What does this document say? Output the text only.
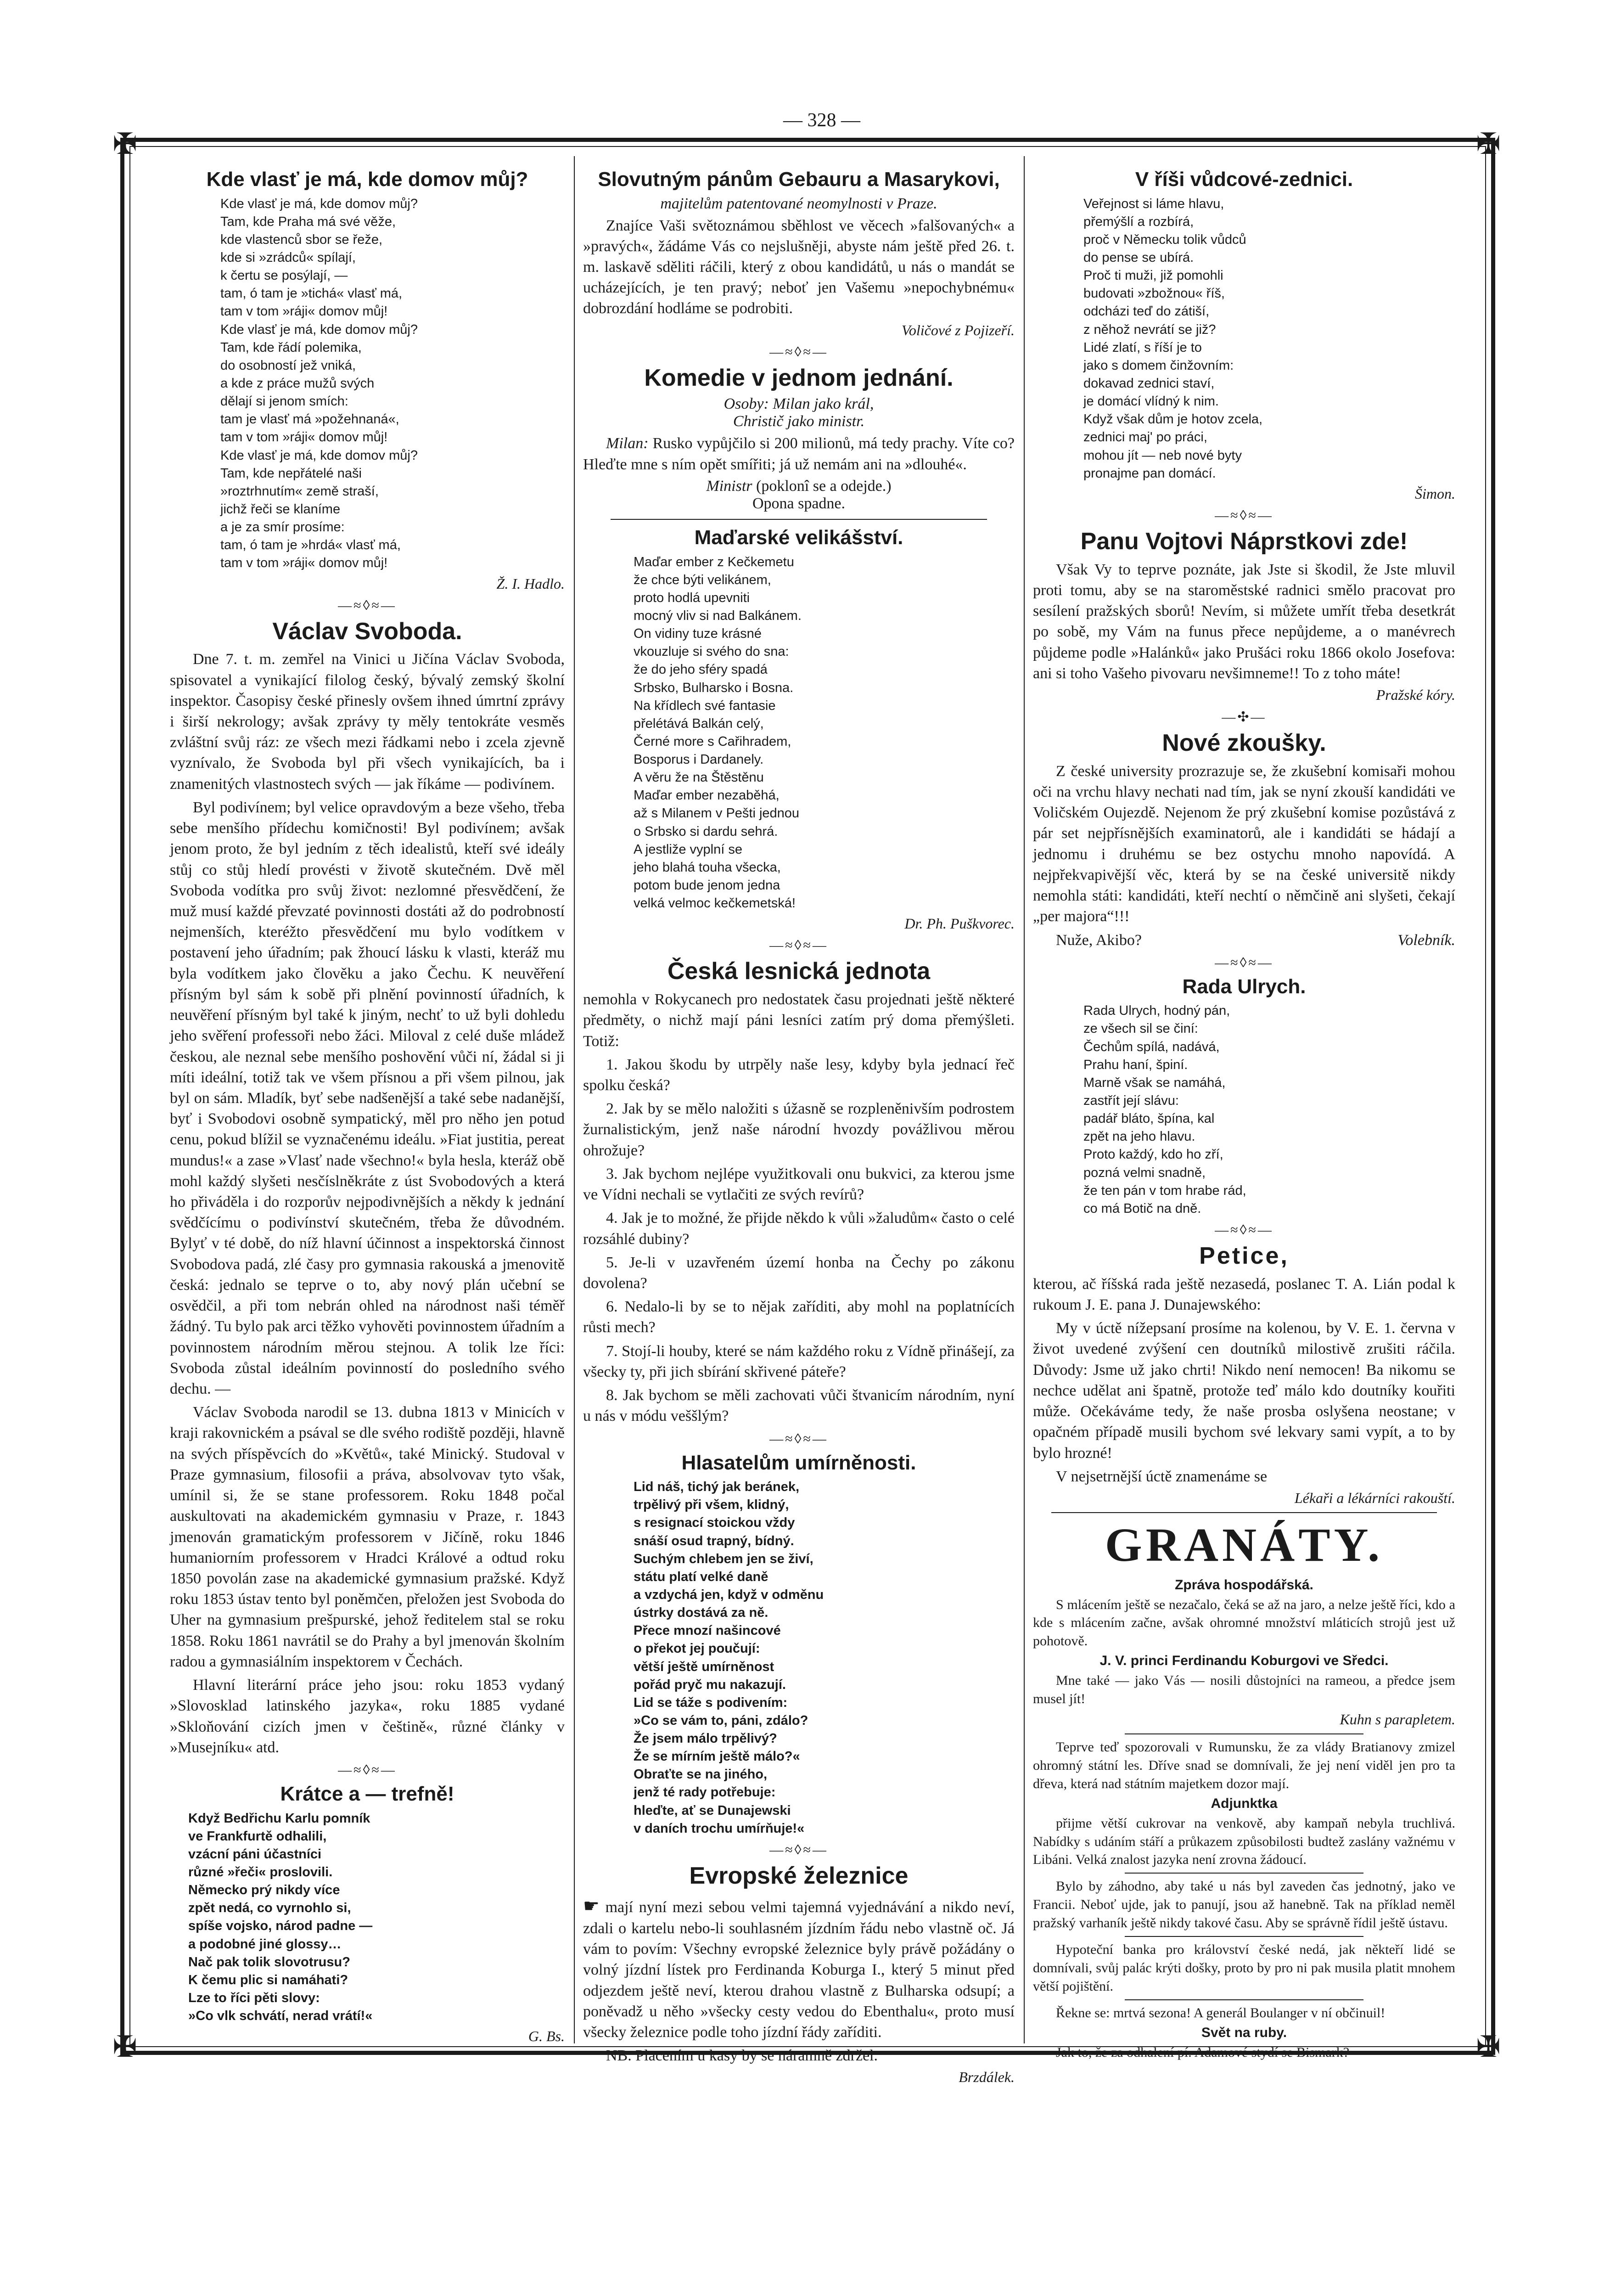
— 328 —
✠	✠
✠	✠
Kde vlasť je má, kde domov můj?
Kde vlasť je má, kde domov můj?
Tam, kde Praha má své věže,
kde vlastenců sbor se řeže,
kde si »zrádců« spílají,
k čertu se posýlají, —
tam, ó tam je »tichá« vlasť má,
tam v tom »ráji« domov můj!
Kde vlasť je má, kde domov můj?
Tam, kde řádí polemika,
do osobností jež vniká,
a kde z práce mužů svých
dělají si jenom smích:
tam je vlasť má »požehnaná«,
tam v tom »ráji« domov můj!
Kde vlasť je má, kde domov můj?
Tam, kde nepřátelé naši
»roztrhnutím« země straší,
jichž řeči se klaníme
a je za smír prosíme:
tam, ó tam je »hrdá« vlasť má,
tam v tom »ráji« domov můj!
Ž. I. Hadlo.
—≈◊≈—
Václav Svoboda.

Dne 7. t. m. zemřel na Vinici u Jičína Václav Svoboda, spisovatel a vynikající filolog český, bývalý zemský školní inspektor. Časopisy české přinesly ovšem ihned úmrtní zprávy i širší nekrology; avšak zprávy ty měly tentokráte vesměs zvláštní svůj ráz: ze všech mezi řádkami nebo i zcela zjevně vyznívalo, že Svoboda byl při všech vynikajících, ba i znamenitých vlastnostech svých — jak říkáme — podivínem.

Byl podivínem; byl velice opravdovým a beze všeho, třeba sebe menšího přídechu komičnosti! Byl podivínem; avšak jenom proto, že byl jedním z těch idealistů, kteří své ideály stůj co stůj hledí provésti v životě skutečném. Dvě měl Svoboda vodítka pro svůj život: nezlomné přesvědčení, že muž musí každé převzaté povinnosti dostáti až do podrobností nejmenších, kteréžto přesvědčení mu bylo vodítkem v postavení jeho úřadním; pak žhoucí lásku k vlasti, kteráž mu byla vodítkem jako člověku a jako Čechu. K neuvěření přísným byl sám k sobě při plnění povinností úřadních, k neuvěření přísným byl také k jiným, nechť to už byli dohledu jeho svěření professoři nebo žáci. Miloval z celé duše mládež českou, ale neznal sebe menšího poshovění vůči ní, žádal si ji míti ideální, totiž tak ve všem přísnou a při všem pilnou, jak byl on sám. Mladík, byť sebe nadšenější a také sebe nadanější, byť i Svobodovi osobně sympatický, měl pro něho jen potud cenu, pokud blížil se vyznačenému ideálu. »Fiat justitia, pereat mundus!« a zase »Vlasť nade všechno!« byla hesla, kteráž obě mohl každý slyšeti nesčíslněkráte z úst Svobodových a která ho přiváděla i do rozporův nejpodivnějších a někdy k jednání svědčícímu o podivínství skutečném, třeba že důvodném. Bylyť v té době, do níž hlavní účinnost a inspektorská činnost Svobodova padá, zlé časy pro gymnasia rakouská a jmenovitě česká: jednalo se teprve o to, aby nový plán učební se osvědčil, a při tom nebrán ohled na národnost naši téměř žádný. Tu bylo pak arci těžko vyhověti povinnostem úřadním a povinnostem národním měrou stejnou. A tolik lze říci: Svoboda zůstal ideálním povinností do posledního svého dechu. —

Václav Svoboda narodil se 13. dubna 1813 v Minicích v kraji rakovnickém a psával se dle svého rodiště později, hlavně na svých příspěvcích do »Květů«, také Minický. Studoval v Praze gymnasium, filosofii a práva, absolvovav tyto však, umínil si, že se stane professorem. Roku 1848 počal auskultovati na akademickém gymnasiu v Praze, r. 1843 jmenován gramatickým professorem v Jičíně, roku 1846 humaniorním professorem v Hradci Králové a odtud roku 1850 povolán zase na akademické gymnasium pražské. Když roku 1853 ústav tento byl poněmčen, přeložen jest Svoboda do Uher na gymnasium prešpurské, jehož ředitelem stal se roku 1858. Roku 1861 navrátil se do Prahy a byl jmenován školním radou a gymnasiálním inspektorem v Čechách.

Hlavní literární práce jeho jsou: roku 1853 vydaný »Slovosklad latinského jazyka«, roku 1885 vydané »Skloňování cizích jmen v češtině«, různé články v »Musejníku« atd.

—≈◊≈—
Krátce a — trefně!
Když Bedřichu Karlu pomník
ve Frankfurtě odhalili,
vzácní páni účastníci
různé »řeči« proslovili.
Německo prý nikdy více
zpět nedá, co vyrnohlo si,
spíše vojsko, národ padne —
a podobné jiné glossy…
Nač pak tolik slovotrusu?
K čemu plic si namáhati?
Lze to říci pěti slovy:
»Co vlk schvátí, nerad vrátí!«
G. Bs.
Slovutným pánům Gebauru a Masarykovi,
majitelům patentované neomylnosti v Praze.

Znajíce Vaši světoznámou sběhlost ve věcech »falšovaných« a »pravých«, žádáme Vás co nejslušněji, abyste nám ještě před 26. t. m. laskavě sděliti ráčili, který z obou kandidátů, u nás o mandát se ucházejících, je ten pravý; neboť jen Vašemu »nepochybnému« dobrozdání hodláme se podrobiti.

Voličové z Pojizeří.
—≈◊≈—
Komedie v jednom jednání.
Osoby: Milan jako král,
Christič jako ministr.

Milan: Rusko vypůjčilo si 200 milionů, má tedy prachy. Víte co? Hleďte mne s ním opět smířiti; já už nemám ani na »dlouhé«.

Ministr (poklonî se a odejde.)
Opona spadne.
Maďarské velikášství.
Maďar ember z Kečkemetu
že chce býti velikánem,
proto hodlá upevniti
mocný vliv si nad Balkánem.
On vidiny tuze krásné
vkouzluje si svého do sna:
že do jeho sféry spadá
Srbsko, Bulharsko i Bosna.
Na křídlech své fantasie
přelétává Balkán celý,
Černé more s Cařihradem,
Bosporus i Dardanely.
A věru že na Štěstěnu
Maďar ember nezaběhá,
až s Milanem v Pešti jednou
o Srbsko si dardu sehrá.
A jestliže vyplní se
jeho blahá touha všecka,
potom bude jenom jedna
velká velmoc kečkemetská!
Dr. Ph. Puškvorec.
—≈◊≈—
Česká lesnická jednota

nemohla v Rokycanech pro nedostatek času projednati ještě některé předměty, o nichž mají páni lesníci zatím prý doma přemýšleti. Totiž:

1. Jakou škodu by utrpěly naše lesy, kdyby byla jednací řeč spolku česká?

2. Jak by se mělo naložiti s úžasně se rozpleněnivším podrostem žurnalistickým, jenž naše národní hvozdy povážlivou měrou ohrožuje?

3. Jak bychom nejlépe využitkovali onu bukvici, za kterou jsme ve Vídni nechali se vytlačiti ze svých revírů?

4. Jak je to možné, že přijde někdo k vůli »žaludům« často o celé rozsáhlé dubiny?

5. Je-li v uzavřeném území honba na Čechy po zákonu dovolena?

6. Nedalo-li by se to nějak zaříditi, aby mohl na poplatnících růsti mech?

7. Stojí-li houby, které se nám každého roku z Vídně přinášejí, za všecky ty, při jich sbírání skřivené páteře?

8. Jak bychom se měli zachovati vůči štvanicím národním, nyní u nás v módu veššlým?

—≈◊≈—
Hlasatelům umírněnosti.
Lid náš, tichý jak beránek,
trpělivý při všem, klidný,
s resignací stoickou vždy
snáší osud trapný, bídný.
Suchým chlebem jen se živí,
státu platí velké daně
a vzdychá jen, když v odměnu
ústrky dostává za ně.
Přece mnozí našincové
o překot jej poučují:
větší ještě umírněnost
pořád pryč mu nakazují.
Lid se táže s podivením:
»Co se vám to, páni, zdálo?
Že jsem málo trpělivý?
Že se mírním ještě málo?«
Obraťte se na jiného,
jenž té rady potřebuje:
hleďte, ať se Dunajewski
v daních trochu umírňuje!«
—≈◊≈—
Evropské železnice

☛ mají nyní mezi sebou velmi tajemná vyjednávání a nikdo neví, zdali o kartelu nebo-li souhlasném jízdním řádu nebo vlastně oč. Já vám to povím: Všechny evropské železnice byly právě požádány o volný jízdní lístek pro Ferdinanda Koburga I., který 5 minut před odjezdem ještě neví, kterou drahou vlastně z Bulharska odsupí; a poněvadž u něho »všecky cesty vedou do Ebenthalu«, proto musí všecky železnice podle toho jízdní řády zaříditi.

NB. Placením u kasy by se náramně zdržel.

Brzdálek.
V říši vůdcové-zednici.
Veřejnost si láme hlavu,
přemýšlí a rozbírá,
proč v Německu tolik vůdců
do pense se ubírá.
Proč ti muži, již pomohli
budovati »zbožnou« říš,
odcházi teď do zátiší,
z něhož nevrátí se již?
Lidé zlatí, s říší je to
jako s domem činžovním:
dokavad zednici staví,
je domácí vlídný k nim.
Když však dům je hotov zcela,
zednici maj' po práci,
mohou jít — neb nové byty
pronajme pan domácí.
Šimon.
—≈◊≈—
Panu Vojtovi Náprstkovi zde!

Však Vy to teprve poznáte, jak Jste si škodil, že Jste mluvil proti tomu, aby se na staroměstské radnici smělo pracovat pro sesílení pražských sborů! Nevím, si můžete umřít třeba desetkrát po sobě, my Vám na funus přece nepůjdeme, a o manévrech půjdeme podle »Halánků« jako Prušáci roku 1866 okolo Josefova: ani si toho Vašeho pivovaru nevšimneme!! To z toho máte!

Pražské kóry.
—✣—
Nové zkoušky.

Z české university prozrazuje se, že zkušební komisaři mohou oči na vrchu hlavy nechati nad tím, jak se nyní zkouší kandidáti ve Voličském Oujezdě. Nejenom že prý zkušební komise pozůstává z pár set nejpřísnějších examinatorů, ale i kandidáti se hádají a jednomu i druhému se bez ostychu mnoho napovídá. A nejpřekvapivější věc, která by se na české universitě nikdy nemohla státi: kandidáti, kteří nechtí o němčině ani slyšeti, čekají „per majora“!!!

Nuže, Akibo?	Volebník.

—≈◊≈—
Rada Ulrych.
Rada Ulrych, hodný pán,
ze všech sil se činí:
Čechům spílá, nadává,
Prahu haní, špiní.
Marně však se namáhá,
zastřít její slávu:
padář bláto, špína, kal
zpět na jeho hlavu.
Proto každý, kdo ho zří,
pozná velmi snadně,
že ten pán v tom hrabe rád,
co má Botič na dně.
—≈◊≈—
Petice,

kterou, ač říšská rada ještě nezasedá, poslanec T. A. Lián podal k rukoum J. E. pana J. Dunajewského:

My v úctě nížepsaní prosíme na kolenou, by V. E. 1. června v život uvedené zvýšení cen doutníků milostivě zrušiti ráčila. Důvody: Jsme už jako chrti! Nikdo není nemocen! Ba nikomu se nechce udělat ani špatně, protože teď málo kdo doutníky kouřiti může. Očekáváme tedy, že naše prosba oslyšena neostane; v opačném případě musili bychom své lekvary sami vypít, a to by bylo hrozné!

V nejsetrnější úctě znamenáme se

Lékaři a lékárníci rakouští.
GRANÁTY.
Zpráva hospodářská.

S mlácením ještě se nezačalo, čeká se až na jaro, a nelze ještě říci, kdo a kde s mlácením začne, avšak ohromné množství mláticích strojů jest už pohotově.

J. V. princi Ferdinandu Koburgovi ve Sředci.

Mne také — jako Vás — nosili důstojníci na rameou, a předce jsem musel jít!

Kuhn s parapletem.

Teprve teď spozorovali v Rumunsku, že za vlády Bratianovy zmizel ohromný státní les. Dříve snad se domnívali, že jej není viděl jen pro ta dřeva, která nad státním majetkem dozor mají.

Adjunktka

přijme větší cukrovar na venkově, aby kampaň nebyla truchlivá. Nabídky s udáním stáří a průkazem způsobilosti budtež zaslány važnému v Libáni. Velká znalost jazyka není zrovna žádoucí.

Bylo by záhodno, aby také u nás byl zaveden čas jednotný, jako ve Francii. Neboť ujde, jak to panují, jsou až hanebně. Tak na příklad neměl pražský varhaník ještě nikdy takové času. Aby se správně řídil ještě ústavu.

Hypoteční banka pro království české nedá, jak někteří lidé se domnívali, svůj palác krýti došky, proto by pro ni pak musila platit mnohem větší pojištění.

Řekne se: mrtvá sezona! A generál Boulanger v ní občinuil!

Svět na ruby.

Jak to, že za odhalení pí. Adamové stydí se Bismark?
